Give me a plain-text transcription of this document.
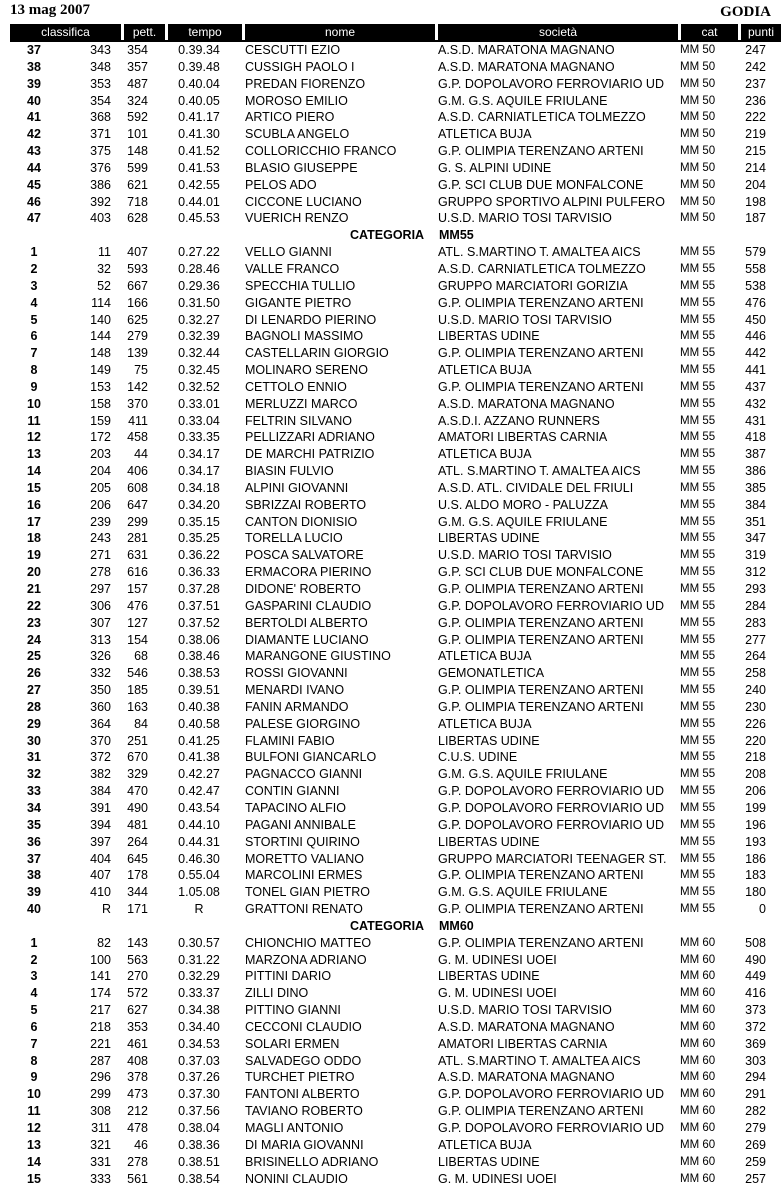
13 mag 2007	GODIA
classifica	pett.	tempo	nome	società	cat	punti
37	343	354	0.39.34	CESCUTTI EZIO	A.S.D. MARATONA MAGNANO	MM 50	247
38	348	357	0.39.48	CUSSIGH PAOLO I	A.S.D. MARATONA MAGNANO	MM 50	242
39	353	487	0.40.04	PREDAN FIORENZO	G.P. DOPOLAVORO FERROVIARIO UD	MM 50	237
40	354	324	0.40.05	MOROSO EMILIO	G.M. G.S. AQUILE FRIULANE	MM 50	236
41	368	592	0.41.17	ARTICO PIERO	A.S.D. CARNIATLETICA TOLMEZZO	MM 50	222
42	371	101	0.41.30	SCUBLA ANGELO	ATLETICA BUJA	MM 50	219
43	375	148	0.41.52	COLLORICCHIO FRANCO	G.P. OLIMPIA TERENZANO ARTENI	MM 50	215
44	376	599	0.41.53	BLASIO GIUSEPPE	G. S. ALPINI UDINE	MM 50	214
45	386	621	0.42.55	PELOS ADO	G.P. SCI CLUB DUE MONFALCONE	MM 50	204
46	392	718	0.44.01	CICCONE LUCIANO	GRUPPO SPORTIVO ALPINI PULFERO	MM 50	198
47	403	628	0.45.53	VUERICH RENZO	U.S.D. MARIO TOSI TARVISIO	MM 50	187
CATEGORIA MM55
1	11	407	0.27.22	VELLO GIANNI	ATL. S.MARTINO T. AMALTEA AICS	MM 55	579
2	32	593	0.28.46	VALLE FRANCO	A.S.D. CARNIATLETICA TOLMEZZO	MM 55	558
3	52	667	0.29.36	SPECCHIA TULLIO	GRUPPO MARCIATORI GORIZIA	MM 55	538
4	114	166	0.31.50	GIGANTE PIETRO	G.P. OLIMPIA TERENZANO ARTENI	MM 55	476
5	140	625	0.32.27	DI LENARDO PIERINO	U.S.D. MARIO TOSI TARVISIO	MM 55	450
6	144	279	0.32.39	BAGNOLI MASSIMO	LIBERTAS UDINE	MM 55	446
7	148	139	0.32.44	CASTELLARIN GIORGIO	G.P. OLIMPIA TERENZANO ARTENI	MM 55	442
8	149	75	0.32.45	MOLINARO SERENO	ATLETICA BUJA	MM 55	441
9	153	142	0.32.52	CETTOLO ENNIO	G.P. OLIMPIA TERENZANO ARTENI	MM 55	437
10	158	370	0.33.01	MERLUZZI MARCO	A.S.D. MARATONA MAGNANO	MM 55	432
11	159	411	0.33.04	FELTRIN SILVANO	A.S.D.I. AZZANO RUNNERS	MM 55	431
12	172	458	0.33.35	PELLIZZARI ADRIANO	AMATORI LIBERTAS CARNIA	MM 55	418
13	203	44	0.34.17	DE MARCHI PATRIZIO	ATLETICA BUJA	MM 55	387
14	204	406	0.34.17	BIASIN FULVIO	ATL. S.MARTINO T. AMALTEA AICS	MM 55	386
15	205	608	0.34.18	ALPINI GIOVANNI	A.S.D. ATL. CIVIDALE DEL FRIULI	MM 55	385
16	206	647	0.34.20	SBRIZZAI ROBERTO	U.S. ALDO MORO - PALUZZA	MM 55	384
17	239	299	0.35.15	CANTON DIONISIO	G.M. G.S. AQUILE FRIULANE	MM 55	351
18	243	281	0.35.25	TORELLA LUCIO	LIBERTAS UDINE	MM 55	347
19	271	631	0.36.22	POSCA SALVATORE	U.S.D. MARIO TOSI TARVISIO	MM 55	319
20	278	616	0.36.33	ERMACORA PIERINO	G.P. SCI CLUB DUE MONFALCONE	MM 55	312
21	297	157	0.37.28	DIDONE' ROBERTO	G.P. OLIMPIA TERENZANO ARTENI	MM 55	293
22	306	476	0.37.51	GASPARINI CLAUDIO	G.P. DOPOLAVORO FERROVIARIO UD	MM 55	284
23	307	127	0.37.52	BERTOLDI ALBERTO	G.P. OLIMPIA TERENZANO ARTENI	MM 55	283
24	313	154	0.38.06	DIAMANTE LUCIANO	G.P. OLIMPIA TERENZANO ARTENI	MM 55	277
25	326	68	0.38.46	MARANGONE GIUSTINO	ATLETICA BUJA	MM 55	264
26	332	546	0.38.53	ROSSI GIOVANNI	GEMONATLETICA	MM 55	258
27	350	185	0.39.51	MENARDI IVANO	G.P. OLIMPIA TERENZANO ARTENI	MM 55	240
28	360	163	0.40.38	FANIN ARMANDO	G.P. OLIMPIA TERENZANO ARTENI	MM 55	230
29	364	84	0.40.58	PALESE GIORGINO	ATLETICA BUJA	MM 55	226
30	370	251	0.41.25	FLAMINI FABIO	LIBERTAS UDINE	MM 55	220
31	372	670	0.41.38	BULFONI GIANCARLO	C.U.S. UDINE	MM 55	218
32	382	329	0.42.27	PAGNACCO GIANNI	G.M. G.S. AQUILE FRIULANE	MM 55	208
33	384	470	0.42.47	CONTIN GIANNI	G.P. DOPOLAVORO FERROVIARIO UD	MM 55	206
34	391	490	0.43.54	TAPACINO ALFIO	G.P. DOPOLAVORO FERROVIARIO UD	MM 55	199
35	394	481	0.44.10	PAGANI ANNIBALE	G.P. DOPOLAVORO FERROVIARIO UD	MM 55	196
36	397	264	0.44.31	STORTINI QUIRINO	LIBERTAS UDINE	MM 55	193
37	404	645	0.46.30	MORETTO VALIANO	GRUPPO MARCIATORI TEENAGER ST.	MM 55	186
38	407	178	0.55.04	MARCOLINI ERMES	G.P. OLIMPIA TERENZANO ARTENI	MM 55	183
39	410	344	1.05.08	TONEL GIAN PIETRO	G.M. G.S. AQUILE FRIULANE	MM 55	180
40	R	171	R	GRATTONI RENATO	G.P. OLIMPIA TERENZANO ARTENI	MM 55	0
CATEGORIA MM60
1	82	143	0.30.57	CHIONCHIO MATTEO	G.P. OLIMPIA TERENZANO ARTENI	MM 60	508
2	100	563	0.31.22	MARZONA ADRIANO	G. M. UDINESI UOEI	MM 60	490
3	141	270	0.32.29	PITTINI DARIO	LIBERTAS UDINE	MM 60	449
4	174	572	0.33.37	ZILLI DINO	G. M. UDINESI UOEI	MM 60	416
5	217	627	0.34.38	PITTINO GIANNI	U.S.D. MARIO TOSI TARVISIO	MM 60	373
6	218	353	0.34.40	CECCONI CLAUDIO	A.S.D. MARATONA MAGNANO	MM 60	372
7	221	461	0.34.53	SOLARI ERMEN	AMATORI LIBERTAS CARNIA	MM 60	369
8	287	408	0.37.03	SALVADEGO ODDO	ATL. S.MARTINO T. AMALTEA AICS	MM 60	303
9	296	378	0.37.26	TURCHET PIETRO	A.S.D. MARATONA MAGNANO	MM 60	294
10	299	473	0.37.30	FANTONI ALBERTO	G.P. DOPOLAVORO FERROVIARIO UD	MM 60	291
11	308	212	0.37.56	TAVIANO ROBERTO	G.P. OLIMPIA TERENZANO ARTENI	MM 60	282
12	311	478	0.38.04	MAGLI ANTONIO	G.P. DOPOLAVORO FERROVIARIO UD	MM 60	279
13	321	46	0.38.36	DI MARIA GIOVANNI	ATLETICA BUJA	MM 60	269
14	331	278	0.38.51	BRISINELLO ADRIANO	LIBERTAS UDINE	MM 60	259
15	333	561	0.38.54	NONINI CLAUDIO	G. M. UDINESI UOEI	MM 60	257
